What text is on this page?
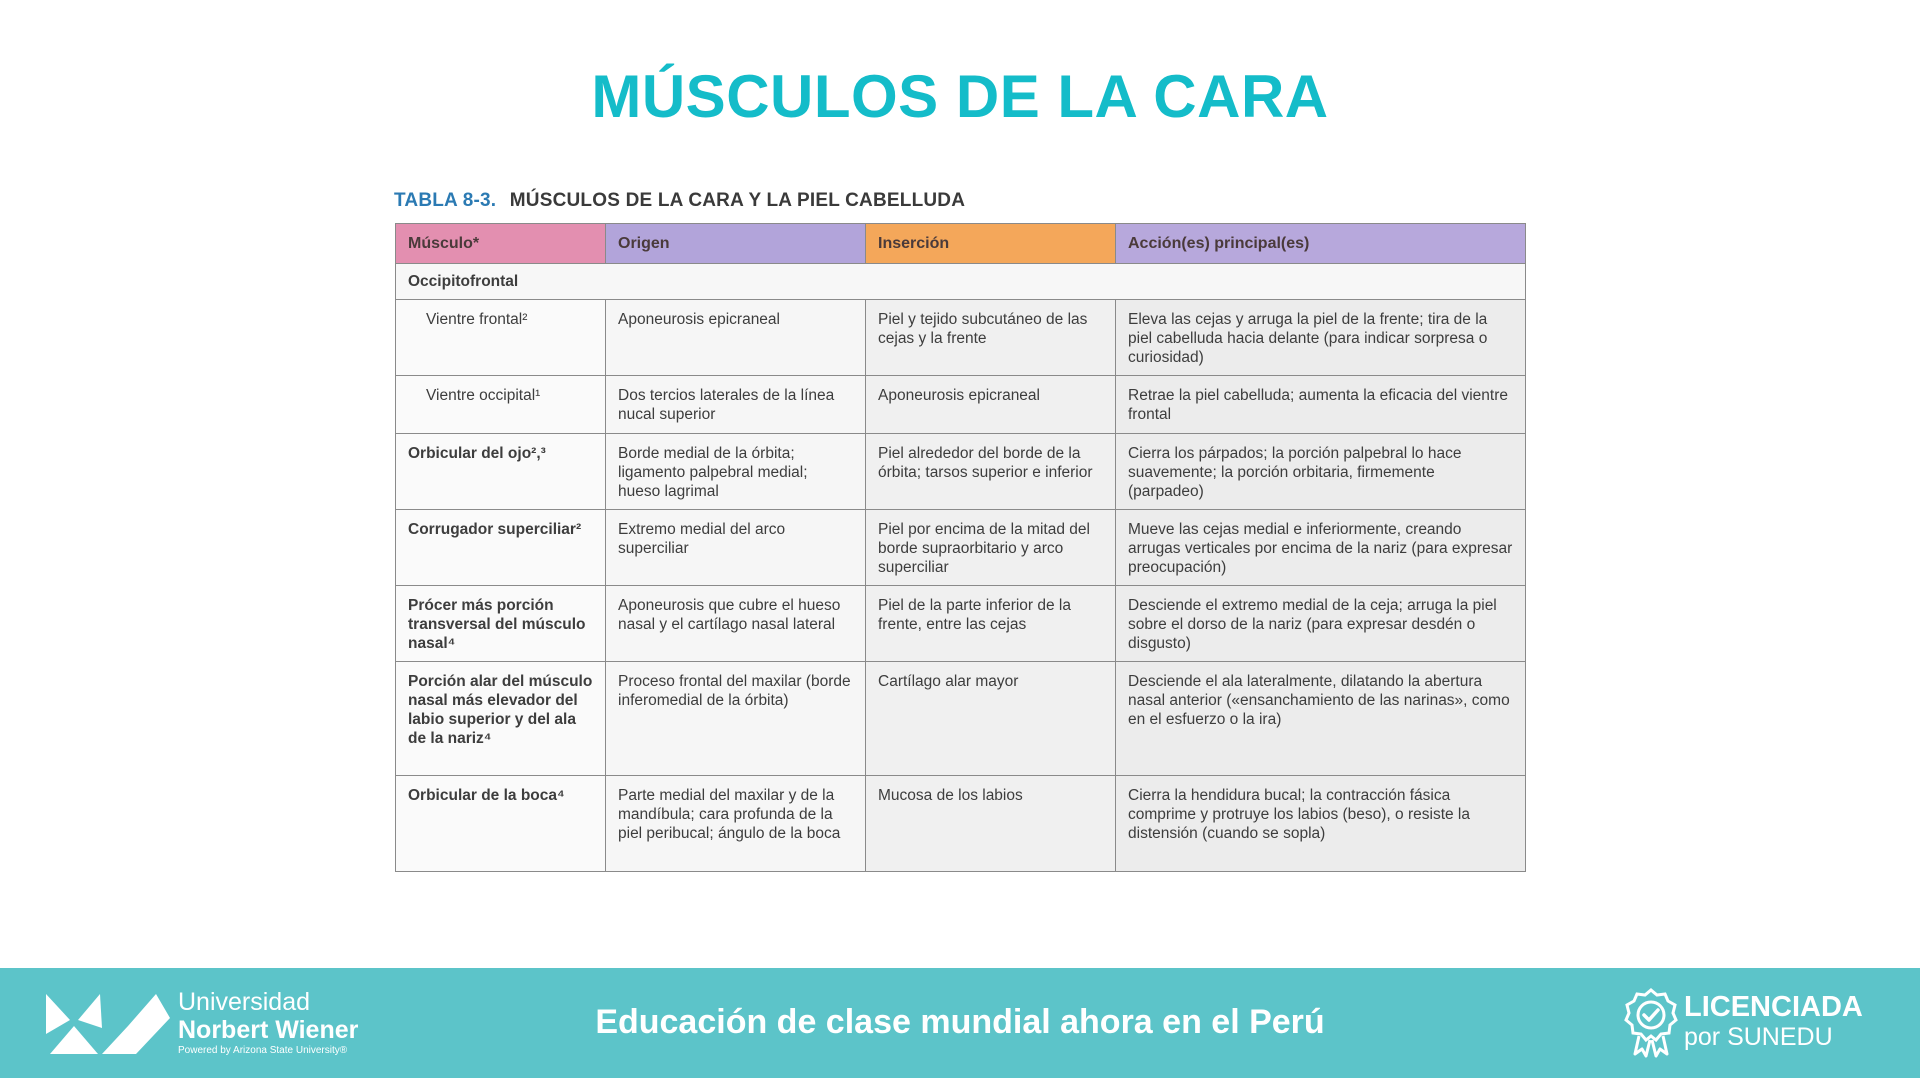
MÚSCULOS DE LA CARA
TABLA 8-3. MÚSCULOS DE LA CARA Y LA PIEL CABELLUDA
Músculo*	Origen	Inserción	Acción(es) principal(es)
Occipitofrontal			
Vientre frontal²	Aponeurosis epicraneal	Piel y tejido subcutáneo de las cejas y la frente	Eleva las cejas y arruga la piel de la frente; tira de la piel cabelluda hacia delante (para indicar sorpresa o curiosidad)
Vientre occipital¹	Dos tercios laterales de la línea nucal superior	Aponeurosis epicraneal	Retrae la piel cabelluda; aumenta la eficacia del vientre frontal
Orbicular del ojo²,³	Borde medial de la órbita; ligamento palpebral medial; hueso lagrimal	Piel alrededor del borde de la órbita; tarsos superior e inferior	Cierra los párpados; la porción palpebral lo hace suavemente; la porción orbitaria, firmemente (parpadeo)
Corrugador superciliar²	Extremo medial del arco superciliar	Piel por encima de la mitad del borde supraorbitario y arco superciliar	Mueve las cejas medial e inferiormente, creando arrugas verticales por encima de la nariz (para expresar preocupación)
Prócer más porción transversal del músculo nasal⁴	Aponeurosis que cubre el hueso nasal y el cartílago nasal lateral	Piel de la parte inferior de la frente, entre las cejas	Desciende el extremo medial de la ceja; arruga la piel sobre el dorso de la nariz (para expresar desdén o disgusto)
Porción alar del músculo nasal más elevador del labio superior y del ala de la nariz⁴	Proceso frontal del maxilar (borde inferomedial de la órbita)	Cartílago alar mayor	Desciende el ala lateralmente, dilatando la abertura nasal anterior («ensanchamiento de las narinas», como en el esfuerzo o la ira)
Orbicular de la boca⁴	Parte medial del maxilar y de la mandíbula; cara profunda de la piel peribucal; ángulo de la boca	Mucosa de los labios	Cierra la hendidura bucal; la contracción fásica comprime y protruye los labios (beso), o resiste la distensión (cuando se sopla)
Universidad
Norbert Wiener
Powered by Arizona State University®
Educación de clase mundial ahora en el Perú	LICENCIADA
por SUNEDU
